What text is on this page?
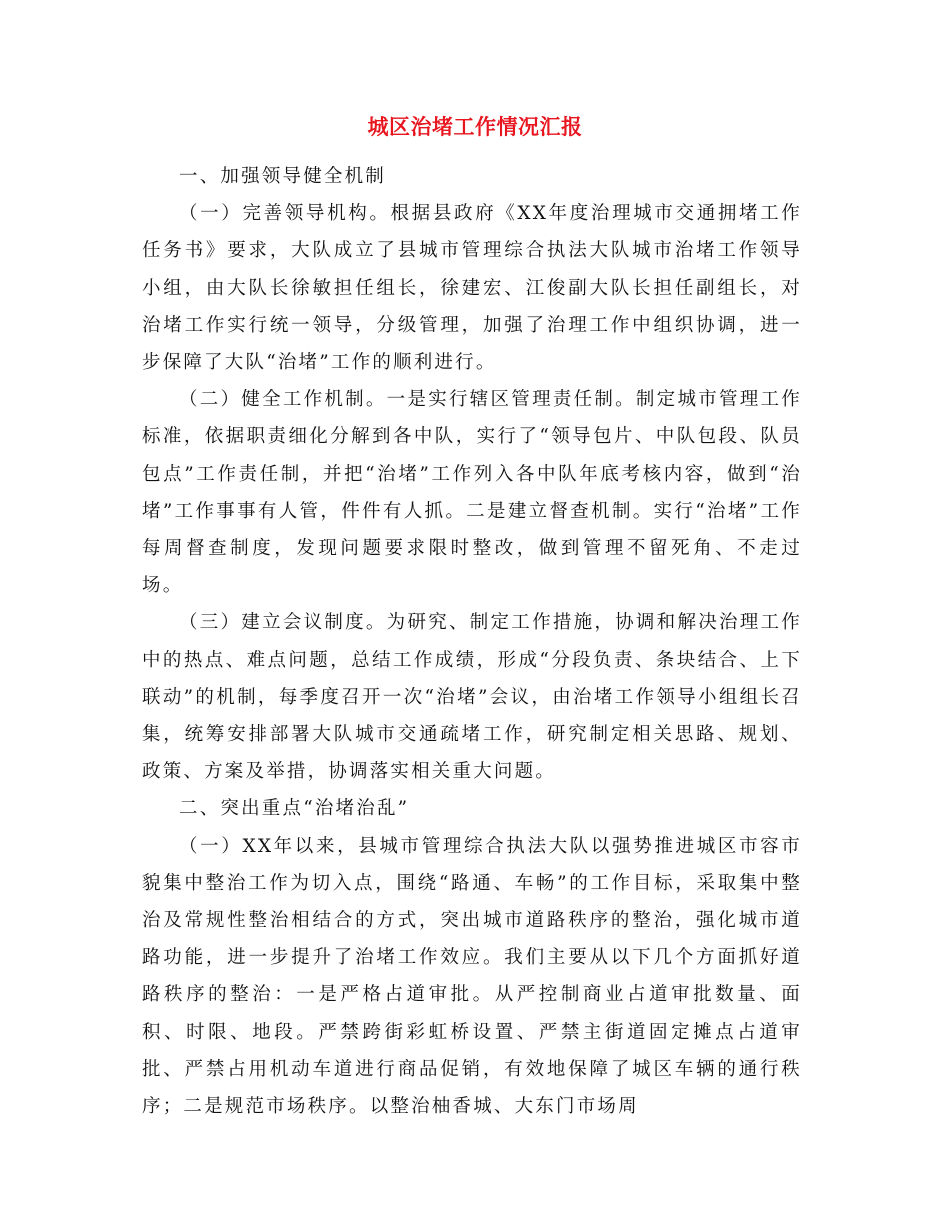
城区治堵工作情况汇报

一、加强领导健全机制

（一）完善领导机构。根据县政府《XX年度治理城市交通拥堵工作任务书》要求，大队成立了县城市管理综合执法大队城市治堵工作领导小组，由大队长徐敏担任组长，徐建宏、江俊副大队长担任副组长，对治堵工作实行统一领导，分级管理，加强了治理工作中组织协调，进一步保障了大队“治堵”工作的顺利进行。

（二）健全工作机制。一是实行辖区管理责任制。制定城市管理工作标准，依据职责细化分解到各中队，实行了“领导包片、中队包段、队员包点”工作责任制，并把“治堵”工作列入各中队年底考核内容，做到“治堵”工作事事有人管，件件有人抓。二是建立督查机制。实行“治堵”工作每周督查制度，发现问题要求限时整改，做到管理不留死角、不走过场。

（三）建立会议制度。为研究、制定工作措施，协调和解决治理工作中的热点、难点问题，总结工作成绩，形成“分段负责、条块结合、上下联动”的机制，每季度召开一次“治堵”会议，由治堵工作领导小组组长召集，统筹安排部署大队城市交通疏堵工作，研究制定相关思路、规划、政策、方案及举措，协调落实相关重大问题。

二、突出重点“治堵治乱”

（一）XX年以来，县城市管理综合执法大队以强势推进城区市容市貌集中整治工作为切入点，围绕“路通、车畅”的工作目标，采取集中整治及常规性整治相结合的方式，突出城市道路秩序的整治，强化城市道路功能，进一步提升了治堵工作效应。我们主要从以下几个方面抓好道路秩序的整治：一是严格占道审批。从严控制商业占道审批数量、面积、时限、地段。严禁跨街彩虹桥设置、严禁主街道固定摊点占道审批、严禁占用机动车道进行商品促销，有效地保障了城区车辆的通行秩序；二是规范市场秩序。以整治柚香城、大东门市场周
